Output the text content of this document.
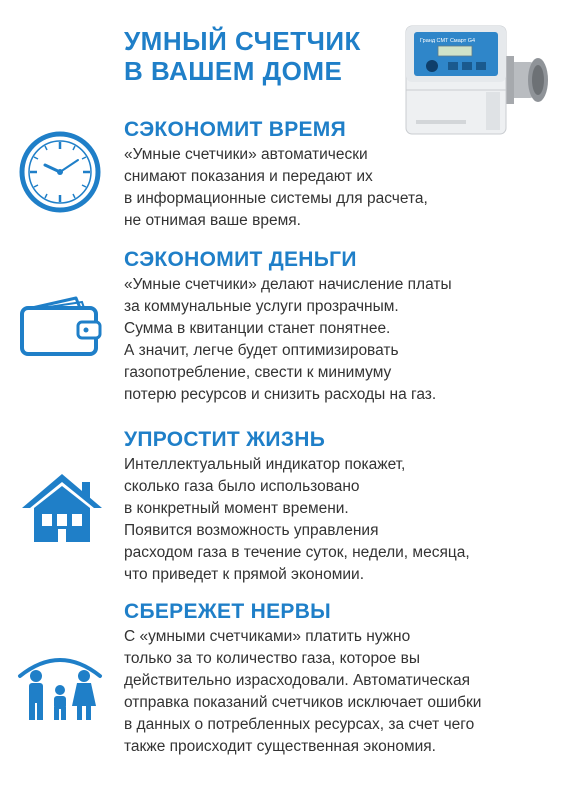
УМНЫЙ СЧЕТЧИК
В ВАШЕМ ДОМЕ
Гранд СМТ Смарт G4
СЭКОНОМИТ ВРЕМЯ
«Умные счетчики» автоматически
снимают показания и передают их
в информационные системы для расчета,
не отнимая ваше время.
СЭКОНОМИТ ДЕНЬГИ
«Умные счетчики» делают начисление платы
за коммунальные услуги прозрачным.
Сумма в квитанции станет понятнее.
А значит, легче будет оптимизировать
газопотребление, свести к минимуму
потерю ресурсов и снизить расходы на газ.
УПРОСТИТ ЖИЗНЬ
Интеллектуальный индикатор покажет,
сколько газа было использовано
в конкретный момент времени.
Появится возможность управления
расходом газа в течение суток, недели, месяца,
что приведет к прямой экономии.
СБЕРЕЖЕТ НЕРВЫ
С «умными счетчиками» платить нужно
только за то количество газа, которое вы
действительно израсходовали. Автоматическая
отправка показаний счетчиков исключает ошибки
в данных о потребленных ресурсах, за счет чего
также происходит существенная экономия.
